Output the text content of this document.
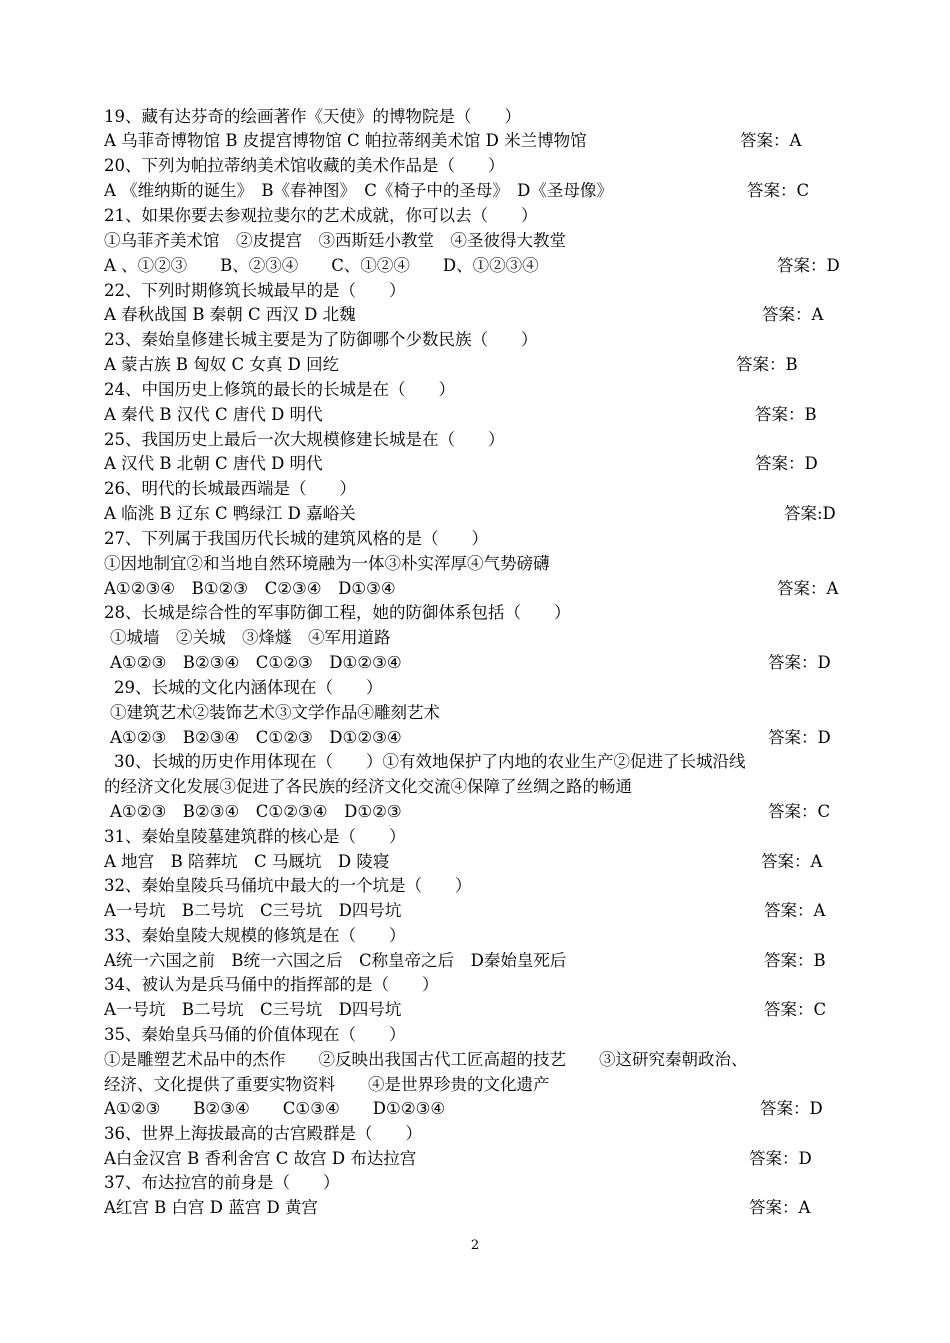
19、藏有达芬奇的绘画著作《天使》的博物院是（　　）
A 乌菲奇博物馆 B 皮提宫博物馆 C 帕拉蒂纲美术馆 D 米兰博物馆	答案：A
20、下列为帕拉蒂纳美术馆收藏的美术作品是（　　）
A 《维纳斯的诞生》　B《春神图》　C《椅子中的圣母》　D《圣母像》	答案：C
21、如果你要去参观拉斐尔的艺术成就，你可以去（　　）
①乌菲齐美术馆　②皮提宫　③西斯廷小教堂　④圣彼得大教堂
A 、①②③　　B、②③④　　C、①②④　　D、①②③④	答案：D
22、下列时期修筑长城最早的是（　　）
A 春秋战国 B 秦朝 C 西汉 D 北魏	答案：A
23、秦始皇修建长城主要是为了防御哪个少数民族（　　）
A 蒙古族 B 匈奴 C 女真 D 回纥	答案：B
24、中国历史上修筑的最长的长城是在（　　）
A 秦代 B 汉代 C 唐代 D 明代	答案：B
25、我国历史上最后一次大规模修建长城是在（　　）
A 汉代 B 北朝 C 唐代 D 明代	答案：D
26、明代的长城最西端是（　　）
A 临洮 B 辽东 C 鸭绿江 D 嘉峪关	答案:D
27、下列属于我国历代长城的建筑风格的是（　　）
①因地制宜②和当地自然环境融为一体③朴实浑厚④气势磅礴
A①②③④　B①②③　C②③④　D①③④	答案：A
28、长城是综合性的军事防御工程，她的防御体系包括（　　）
①城墙　②关城　③烽燧　④军用道路
A①②③　B②③④　C①②③　D①②③④	答案：D
29、长城的文化内涵体现在（　　）
①建筑艺术②装饰艺术③文学作品④雕刻艺术
A①②③　B②③④　C①②③　D①②③④	答案：D
30、长城的历史作用体现在（　　）①有效地保护了内地的农业生产②促进了长城沿线
的经济文化发展③促进了各民族的经济文化交流④保障了丝绸之路的畅通
A①②③　B②③④　C①②③④　D①②③	答案：C
31、秦始皇陵墓建筑群的核心是（　　）
A 地宫　B 陪葬坑　C 马厩坑　D 陵寝	答案：A
32、秦始皇陵兵马俑坑中最大的一个坑是（　　）
A一号坑　B二号坑　C三号坑　D四号坑	答案：A
33、秦始皇陵大规模的修筑是在（　　）
A统一六国之前　B统一六国之后　C称皇帝之后　D秦始皇死后	答案：B
34、被认为是兵马俑中的指挥部的是（　　）
A一号坑　B二号坑　C三号坑　D四号坑	答案：C
35、秦始皇兵马俑的价值体现在（　　）
①是雕塑艺术品中的杰作　　②反映出我国古代工匠高超的技艺　　③这研究秦朝政治、
经济、文化提供了重要实物资料　　④是世界珍贵的文化遗产
A①②③　　B②③④　　C①③④　　D①②③④	答案：D
36、世界上海拔最高的古宫殿群是（　　）
A白金汉宫 B 香利舍宫 C 故宫 D 布达拉宫	答案：D
37、布达拉宫的前身是（　　）
A红宫 B 白宫 D 蓝宫 D 黄宫	答案：A
2
